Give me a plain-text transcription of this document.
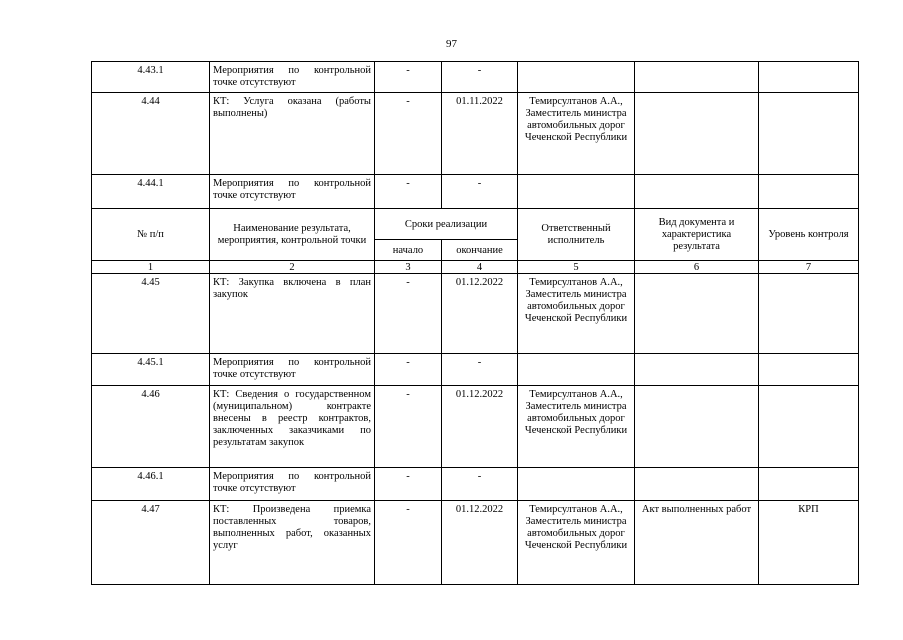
97
4.43.1	Мероприятия по контрольной точке отсутствуют	-	-			
4.44	КТ: Услуга оказана (работы выполнены)	-	01.11.2022	Темирсултанов А.А., Заместитель министра автомобильных дорог Чеченской Республики		
4.44.1	Мероприятия по контрольной точке отсутствуют	-	-			
№ п/п	Наименование результата, мероприятия, контрольной точки	Сроки реализации		Ответственный исполнитель	Вид документа и характеристика результата	Уровень контроля
		начало	окончание			
1	2	3	4	5	6	7
4.45	КТ: Закупка включена в план закупок	-	01.12.2022	Темирсултанов А.А., Заместитель министра автомобильных дорог Чеченской Республики		
4.45.1	Мероприятия по контрольной точке отсутствуют	-	-			
4.46	КТ: Сведения о государственном (муниципальном) контракте внесены в реестр контрактов, заключенных заказчиками по результатам закупок	-	01.12.2022	Темирсултанов А.А., Заместитель министра автомобильных дорог Чеченской Республики		
4.46.1	Мероприятия по контрольной точке отсутствуют	-	-			
4.47	КТ: Произведена приемка поставленных товаров, выполненных работ, оказанных услуг	-	01.12.2022	Темирсултанов А.А., Заместитель министра автомобильных дорог Чеченской Республики	Акт выполненных работ	КРП
